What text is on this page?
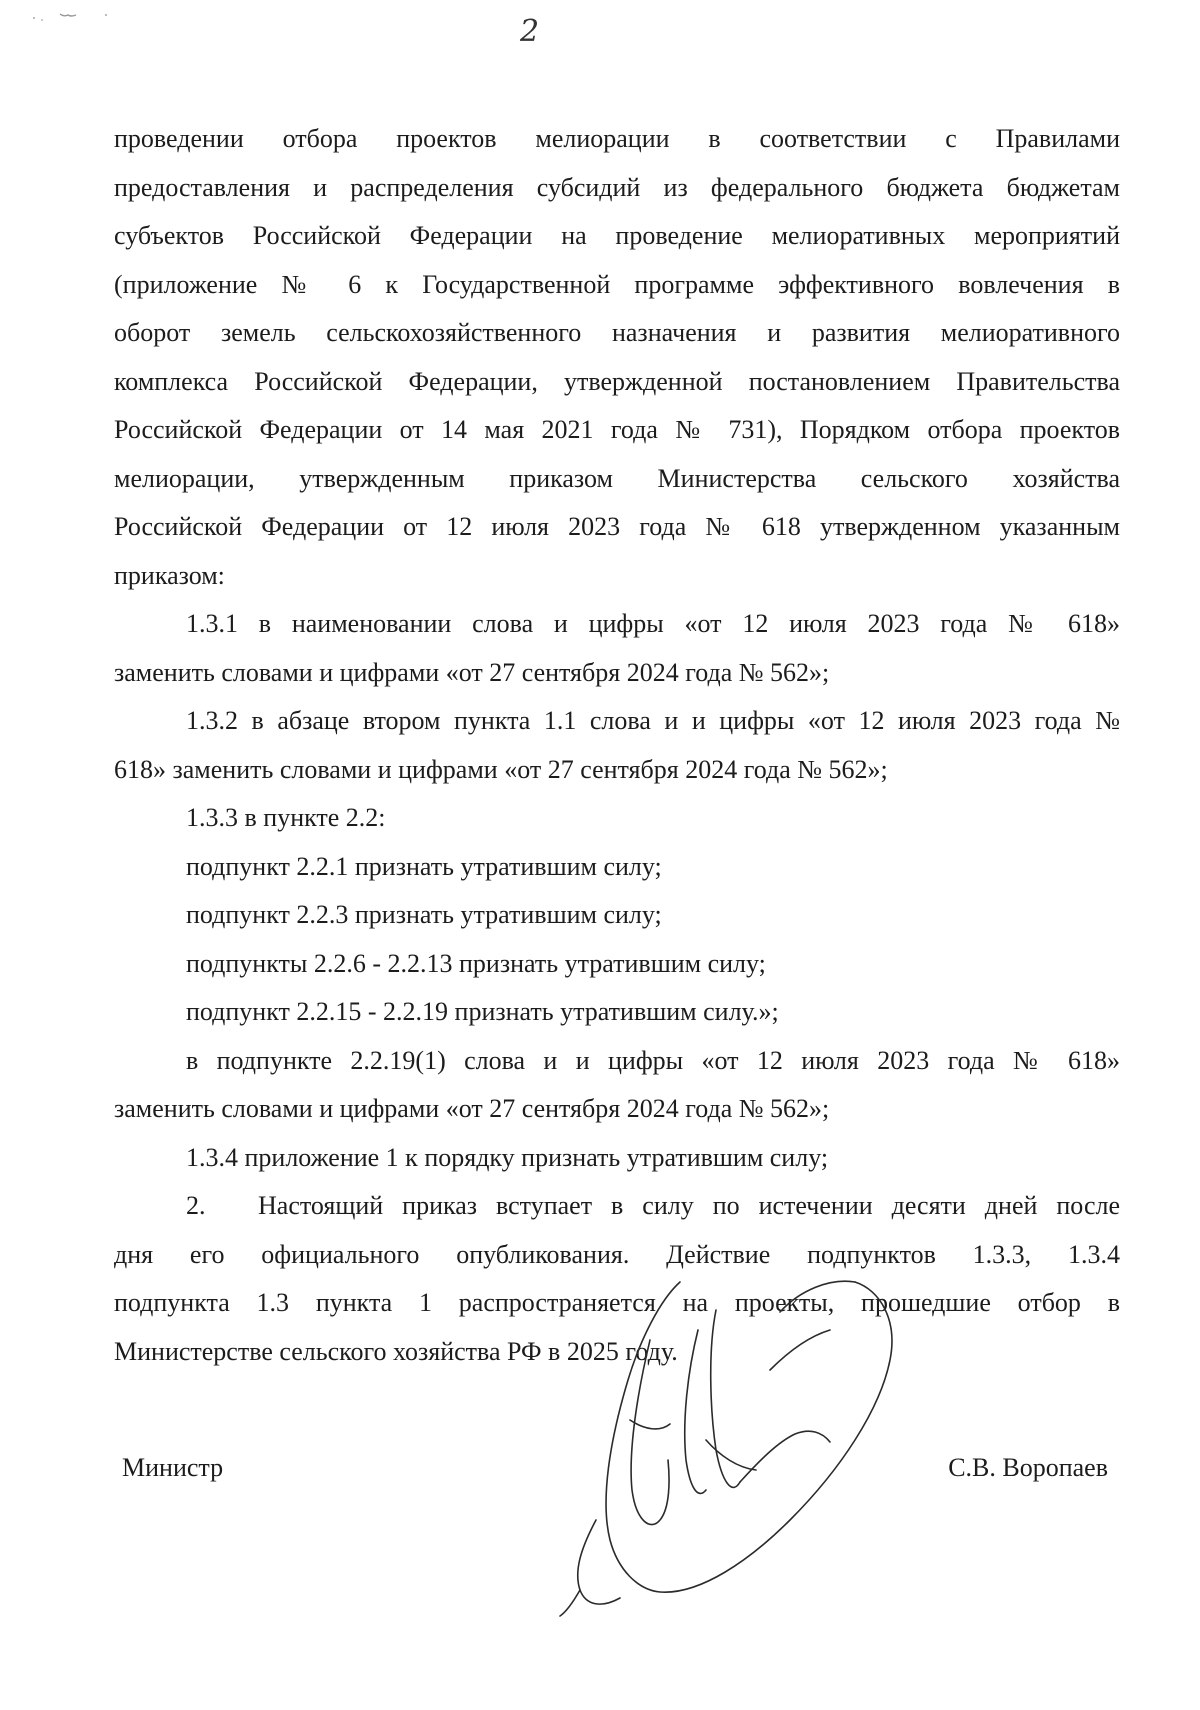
2

проведении отбора проектов мелиорации в соответствии с Правилами

предоставления и распределения субсидий из федерального бюджета бюджетам

субъектов Российской Федерации на проведение мелиоративных мероприятий

(приложение № 6 к Государственной программе эффективного вовлечения в

оборот земель сельскохозяйственного назначения и развития мелиоративного

комплекса Российской Федерации, утвержденной постановлением Правительства

Российской Федерации от 14 мая 2021 года № 731), Порядком отбора проектов

мелиорации, утвержденным приказом Министерства сельского хозяйства

Российской Федерации от 12 июля 2023 года № 618 утвержденном указанным

приказом:

1.3.1 в наименовании слова и цифры «от 12 июля 2023 года № 618»

заменить словами и цифрами «от 27 сентября 2024 года № 562»;

1.3.2 в абзаце втором пункта 1.1 слова и и цифры «от 12 июля 2023 года №

618» заменить словами и цифрами «от 27 сентября 2024 года № 562»;

1.3.3 в пункте 2.2:

подпункт 2.2.1 признать утратившим силу;

подпункт 2.2.3 признать утратившим силу;

подпункты 2.2.6 - 2.2.13 признать утратившим силу;

подпункт 2.2.15 - 2.2.19 признать утратившим силу.»;

в подпункте 2.2.19(1) слова и и цифры «от 12 июля 2023 года № 618»

заменить словами и цифрами «от 27 сентября 2024 года № 562»;

1.3.4 приложение 1 к порядку признать утратившим силу;

2. Настоящий приказ вступает в силу по истечении десяти дней после

дня его официального опубликования. Действие подпунктов 1.3.3, 1.3.4

подпункта 1.3 пункта 1 распространяется на проекты, прошедшие отбор в

Министерстве сельского хозяйства РФ в 2025 году.

Министр	С.В. Воропаев
